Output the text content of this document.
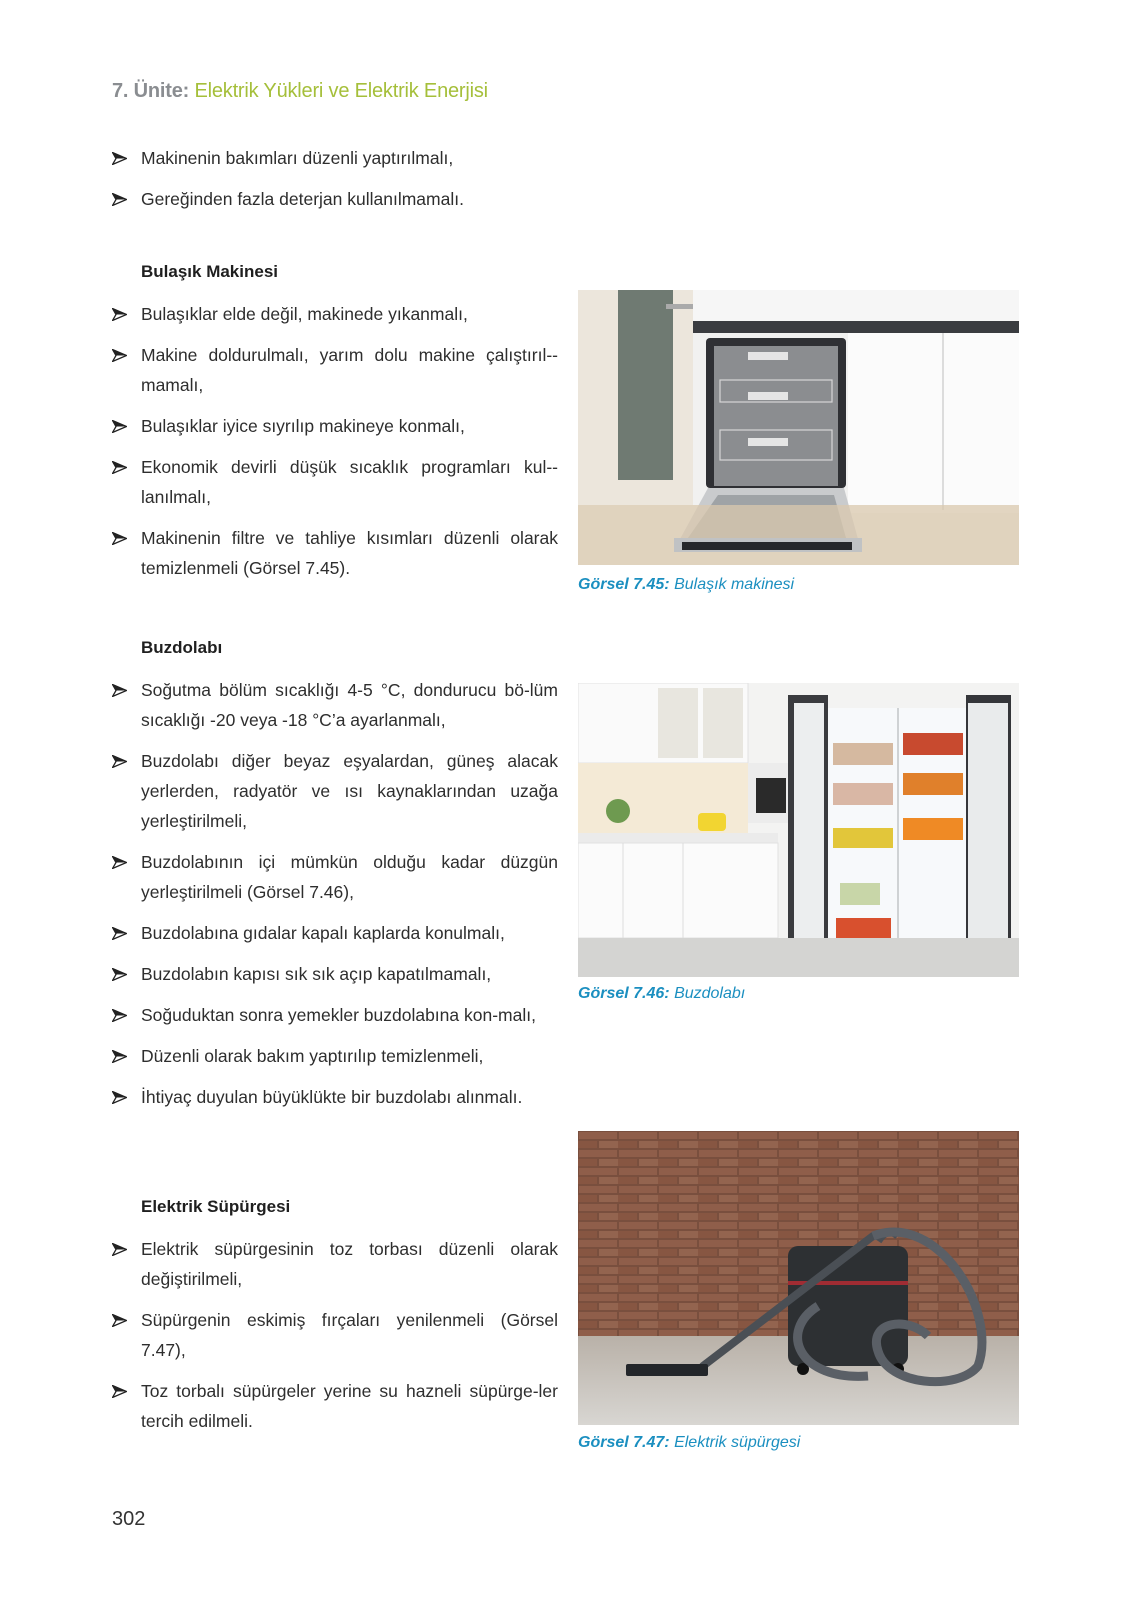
7. Ünite: Elektrik Yükleri ve Elektrik Enerjisi
Makinenin bakımları düzenli yaptırılmalı,
Gereğinden fazla deterjan kullanılmamalı.
Bulaşık Makinesi
Bulaşıklar elde değil, makinede yıkanmalı,
Makine doldurulmalı, yarım dolu makine çalıştırıl-mamalı,
Bulaşıklar iyice sıyrılıp makineye konmalı,
Ekonomik devirli düşük sıcaklık programları kul-lanılmalı,
Makinenin filtre ve tahliye kısımları düzenli olarak temizlenmeli (Görsel 7.45).
Buzdolabı
Soğutma bölüm sıcaklığı 4-5 °C, dondurucu bö-lüm sıcaklığı -20 veya -18 °C’a ayarlanmalı,
Buzdolabı diğer beyaz eşyalardan, güneş alacak yerlerden, radyatör ve ısı kaynaklarından uzağa yerleştirilmeli,
Buzdolabının içi mümkün olduğu kadar düzgün yerleştirilmeli (Görsel 7.46),
Buzdolabına gıdalar kapalı kaplarda konulmalı,
Buzdolabın kapısı sık sık açıp kapatılmamalı,
Soğuduktan sonra yemekler buzdolabına kon-malı,
Düzenli olarak bakım yaptırılıp temizlenmeli,
İhtiyaç duyulan büyüklükte bir buzdolabı alınmalı.
Elektrik Süpürgesi
Elektrik süpürgesinin toz torbası düzenli olarak değiştirilmeli,
Süpürgenin eskimiş fırçaları yenilenmeli (Görsel 7.47),
Toz torbalı süpürgeler yerine su hazneli süpürge-ler tercih edilmeli.
Görsel 7.45: Bulaşık makinesi
Görsel 7.46: Buzdolabı
Görsel 7.47: Elektrik süpürgesi
302
